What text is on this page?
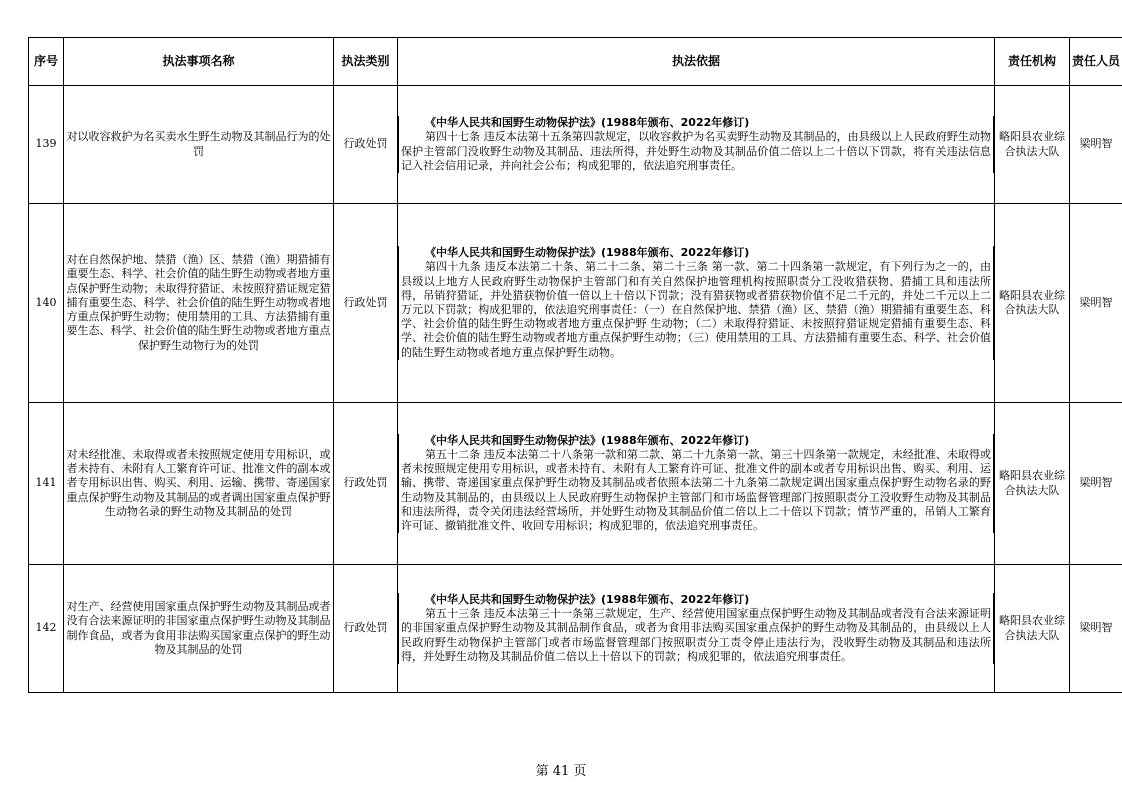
序号	执法事项名称	执法类别	执法依据	责任机构	责任人员
139	对以收容救护为名买卖水生野生动物及其制品行为的处罚	行政处罚	《中华人民共和国野生动物保护法》(1988年颁布、2022年修订)
第四十七条 违反本法第十五条第四款规定，以收容救护为名买卖野生动物及其制品的，由县级以上人民政府野生动物保护主管部门没收野生动物及其制品、违法所得，并处野生动物及其制品价值二倍以上二十倍以下罚款，将有关违法信息记入社会信用记录，并向社会公布；构成犯罪的，依法追究刑事责任。	略阳县农业综合执法大队	梁明智
140	对在自然保护地、禁猎（渔）区、禁猎（渔）期猎捕有重要生态、科学、社会价值的陆生野生动物或者地方重点保护野生动物；未取得狩猎证、未按照狩猎证规定猎捕有重要生态、科学、社会价值的陆生野生动物或者地方重点保护野生动物；使用禁用的工具、方法猎捕有重要生态、科学、社会价值的陆生野生动物或者地方重点保护野生动物行为的处罚	行政处罚	《中华人民共和国野生动物保护法》(1988年颁布、2022年修订)
第四十九条 违反本法第二十条、第二十二条、第二十三条 第一款、第二十四条第一款规定，有下列行为之一的，由县级以上地方人民政府野生动物保护主管部门和有关自然保护地管理机构按照职责分工没收猎获物、猎捕工具和违法所得，吊销狩猎证，并处猎获物价值一倍以上十倍以下罚款；没有猎获物或者猎获物价值不足二千元的，并处二千元以上二万元以下罚款；构成犯罪的，依法追究刑事责任：（一）在自然保护地、禁猎（渔）区、禁猎（渔）期猎捕有重要生态、科学、社会价值的陆生野生动物或者地方重点保护野 生动物；（二）未取得狩猎证、未按照狩猎证规定猎捕有重要生态、科学、社会价值的陆生野生动物或者地方重点保护野生动物；（三）使用禁用的工具、方法猎捕有重要生态、科学、社会价值的陆生野生动物或者地方重点保护野生动物。	略阳县农业综合执法大队	梁明智
141	对未经批准、未取得或者未按照规定使用专用标识，或者未持有、未附有人工繁育许可证、批准文件的副本或者专用标识出售、购买、利用、运输、携带、寄递国家重点保护野生动物及其制品的或者调出国家重点保护野生动物名录的野生动物及其制品的处罚	行政处罚	《中华人民共和国野生动物保护法》(1988年颁布、2022年修订)
第五十二条 违反本法第二十八条第一款和第二款、第二十九条第一款、第三十四条第一款规定，未经批准、未取得或者未按照规定使用专用标识，或者未持有、未附有人工繁育许可证、批准文件的副本或者专用标识出售、购买、利用、运输、携带、寄递国家重点保护野生动物及其制品或者依照本法第二十九条第二款规定调出国家重点保护野生动物名录的野生动物及其制品的，由县级以上人民政府野生动物保护主管部门和市场监督管理部门按照职责分工没收野生动物及其制品和违法所得，责令关闭违法经营场所，并处野生动物及其制品价值二倍以上二十倍以下罚款；情节严重的，吊销人工繁育许可证、撤销批准文件、收回专用标识；构成犯罪的，依法追究刑事责任。	略阳县农业综合执法大队	梁明智
142	对生产、经营使用国家重点保护野生动物及其制品或者没有合法来源证明的非国家重点保护野生动物及其制品制作食品，或者为食用非法购买国家重点保护的野生动物及其制品的处罚	行政处罚	《中华人民共和国野生动物保护法》(1988年颁布、2022年修订)
第五十三条 违反本法第三十一条第三款规定，生产、经营使用国家重点保护野生动物及其制品或者没有合法来源证明的非国家重点保护野生动物及其制品制作食品，或者为食用非法购买国家重点保护的野生动物及其制品的，由县级以上人民政府野生动物保护主管部门或者市场监督管理部门按照职责分工责令停止违法行为，没收野生动物及其制品和违法所得，并处野生动物及其制品价值二倍以上十倍以下的罚款；构成犯罪的，依法追究刑事责任。	略阳县农业综合执法大队	梁明智
第 41 页
